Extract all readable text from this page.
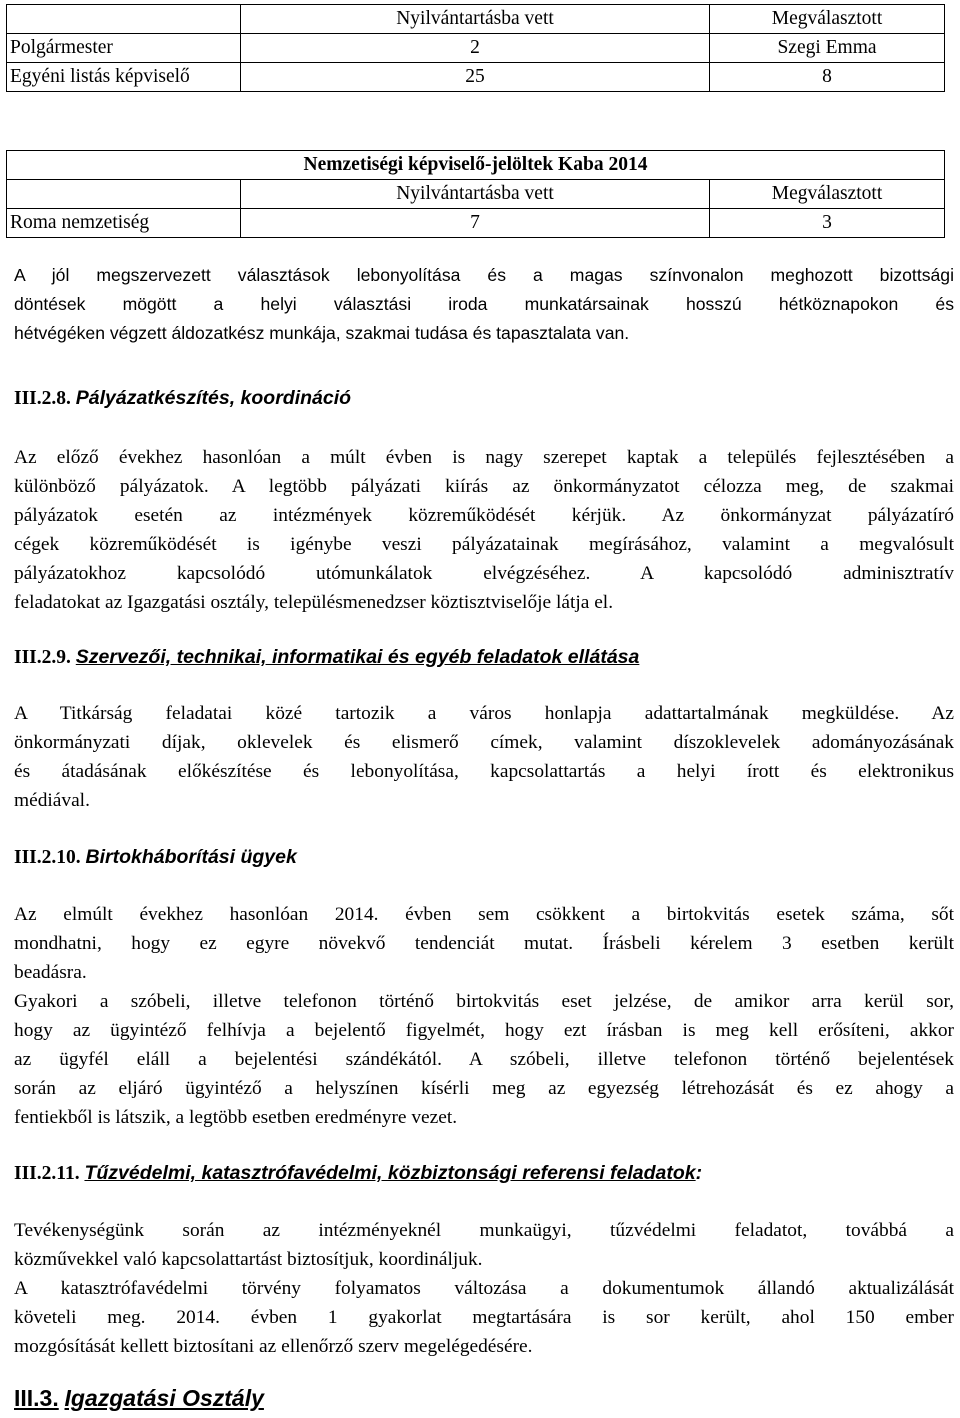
	Nyilvántartásba vett	Megválasztott
Polgármester	2	Szegi Emma
Egyéni listás képviselő	25	8
Nemzetiségi képviselő-jelöltek Kaba 2014		
	Nyilvántartásba vett	Megválasztott
Roma nemzetiség	7	3

A jól megszervezett választások lebonyolítása és a magas színvonalon meghozott bizottsági
döntések mögött a helyi választási iroda munkatársainak hosszú hétköznapokon és
hétvégéken végzett áldozatkész munkája, szakmai tudása és tapasztalata van.

III.2.8. Pályázatkészítés, koordináció

Az előző évekhez hasonlóan a múlt évben is nagy szerepet kaptak a település fejlesztésében a
különböző pályázatok. A legtöbb pályázati kiírás az önkormányzatot célozza meg, de szakmai
pályázatok esetén az intézmények közreműködését kérjük. Az önkormányzat pályázatíró
cégek közreműködését is igénybe veszi pályázatainak megírásához, valamint a megvalósult
pályázatokhoz kapcsolódó utómunkálatok elvégzéséhez. A kapcsolódó adminisztratív
feladatokat az Igazgatási osztály, településmenedzser köztisztviselője látja el.

III.2.9. Szervezői, technikai, informatikai és egyéb feladatok ellátása

A Titkárság feladatai közé tartozik a város honlapja adattartalmának megküldése. Az
önkormányzati díjak, oklevelek és elismerő címek, valamint díszoklevelek adományozásának
és átadásának előkészítése és lebonyolítása, kapcsolattartás a helyi írott és elektronikus
médiával.

III.2.10. Birtokháborítási ügyek

Az elmúlt évekhez hasonlóan 2014. évben sem csökkent a birtokvitás esetek száma, sőt
mondhatni, hogy ez egyre növekvő tendenciát mutat. Írásbeli kérelem 3 esetben került
beadásra.

Gyakori a szóbeli, illetve telefonon történő birtokvitás eset jelzése, de amikor arra kerül sor,
hogy az ügyintéző felhívja a bejelentő figyelmét, hogy ezt írásban is meg kell erősíteni, akkor
az ügyfél eláll a bejelentési szándékától. A szóbeli, illetve telefonon történő bejelentések
során az eljáró ügyintéző a helyszínen kísérli meg az egyezség létrehozását és ez ahogy a
fentiekből is látszik, a legtöbb esetben eredményre vezet.

III.2.11. Tűzvédelmi, katasztrófavédelmi, közbiztonsági referensi feladatok:

Tevékenységünk során az intézményeknél munkaügyi, tűzvédelmi feladatot, továbbá a
közművekkel való kapcsolattartást biztosítjuk, koordináljuk.

A katasztrófavédelmi törvény folyamatos változása a dokumentumok állandó aktualizálását
követeli meg. 2014. évben 1 gyakorlat megtartására is sor került, ahol 150 ember
mozgósítását kellett biztosítani az ellenőrző szerv megelégedésére.

III.3. Igazgatási Osztály
